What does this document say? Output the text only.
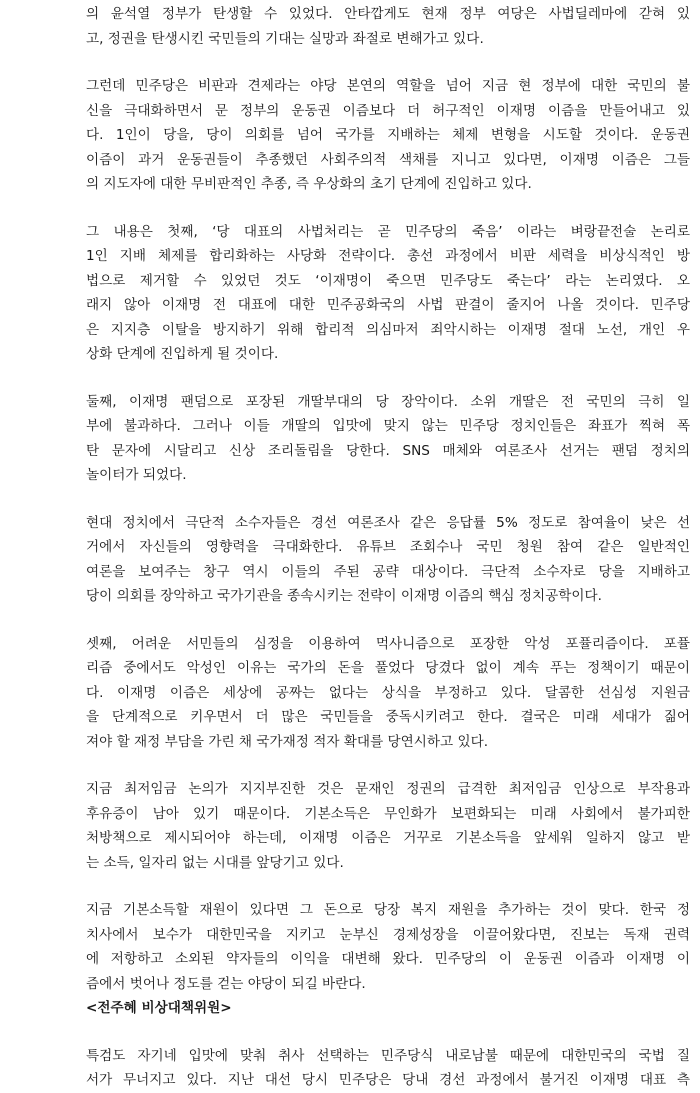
의 윤석열 정부가 탄생할 수 있었다. 안타깝게도 현재 정부 여당은 사법딜레마에 갇혀 있
고, 정권을 탄생시킨 국민들의 기대는 실망과 좌절로 변해가고 있다.
그런데 민주당은 비판과 견제라는 야당 본연의 역할을 넘어 지금 현 정부에 대한 국민의 불
신을 극대화하면서 문 정부의 운동권 이즘보다 더 허구적인 이재명 이즘을 만들어내고 있
다. 1인이 당을, 당이 의회를 넘어 국가를 지배하는 체제 변형을 시도할 것이다. 운동권
이즘이 과거 운동권들이 추종했던 사회주의적 색채를 지니고 있다면, 이재명 이즘은 그들
의 지도자에 대한 무비판적인 추종, 즉 우상화의 초기 단계에 진입하고 있다.
그 내용은 첫째, ‘당 대표의 사법처리는 곧 민주당의 죽음’ 이라는 벼랑끝전술 논리로
1인 지배 체제를 합리화하는 사당화 전략이다. 총선 과정에서 비판 세력을 비상식적인 방
법으로 제거할 수 있었던 것도 ‘이재명이 죽으면 민주당도 죽는다’ 라는 논리였다. 오
래지 않아 이재명 전 대표에 대한 민주공화국의 사법 판결이 줄지어 나올 것이다. 민주당
은 지지층 이탈을 방지하기 위해 합리적 의심마저 죄악시하는 이재명 절대 노선, 개인 우
상화 단계에 진입하게 될 것이다.
둘째, 이재명 팬덤으로 포장된 개딸부대의 당 장악이다. 소위 개딸은 전 국민의 극히 일
부에 불과하다. 그러나 이들 개딸의 입맛에 맞지 않는 민주당 정치인들은 좌표가 찍혀 폭
탄 문자에 시달리고 신상 조리돌림을 당한다. SNS 매체와 여론조사 선거는 팬덤 정치의
놀이터가 되었다.
현대 정치에서 극단적 소수자들은 경선 여론조사 같은 응답률 5% 정도로 참여율이 낮은 선
거에서 자신들의 영향력을 극대화한다. 유튜브 조회수나 국민 청원 참여 같은 일반적인
여론을 보여주는 창구 역시 이들의 주된 공략 대상이다. 극단적 소수자로 당을 지배하고
당이 의회를 장악하고 국가기관을 종속시키는 전략이 이재명 이즘의 핵심 정치공학이다.
셋째, 어려운 서민들의 심정을 이용하여 먹사니즘으로 포장한 악성 포퓰리즘이다. 포퓰
리즘 중에서도 악성인 이유는 국가의 돈을 풀었다 당겼다 없이 계속 푸는 정책이기 때문이
다. 이재명 이즘은 세상에 공짜는 없다는 상식을 부정하고 있다. 달콤한 선심성 지원금
을 단계적으로 키우면서 더 많은 국민들을 중독시키려고 한다. 결국은 미래 세대가 짊어
져야 할 재정 부담을 가린 채 국가재정 적자 확대를 당연시하고 있다.
지금 최저임금 논의가 지지부진한 것은 문재인 정권의 급격한 최저임금 인상으로 부작용과
후유증이 남아 있기 때문이다. 기본소득은 무인화가 보편화되는 미래 사회에서 불가피한
처방책으로 제시되어야 하는데, 이재명 이즘은 거꾸로 기본소득을 앞세워 일하지 않고 받
는 소득, 일자리 없는 시대를 앞당기고 있다.
지금 기본소득할 재원이 있다면 그 돈으로 당장 복지 재원을 추가하는 것이 맞다. 한국 정
치사에서 보수가 대한민국을 지키고 눈부신 경제성장을 이끌어왔다면, 진보는 독재 권력
에 저항하고 소외된 약자들의 이익을 대변해 왔다. 민주당의 이 운동권 이즘과 이재명 이
즘에서 벗어나 정도를 걷는 야당이 되길 바란다.
<전주혜 비상대책위원>
특검도 자기네 입맛에 맞춰 취사 선택하는 민주당식 내로남불 때문에 대한민국의 국법 질
서가 무너지고 있다. 지난 대선 당시 민주당은 당내 경선 과정에서 불거진 이재명 대표 측
